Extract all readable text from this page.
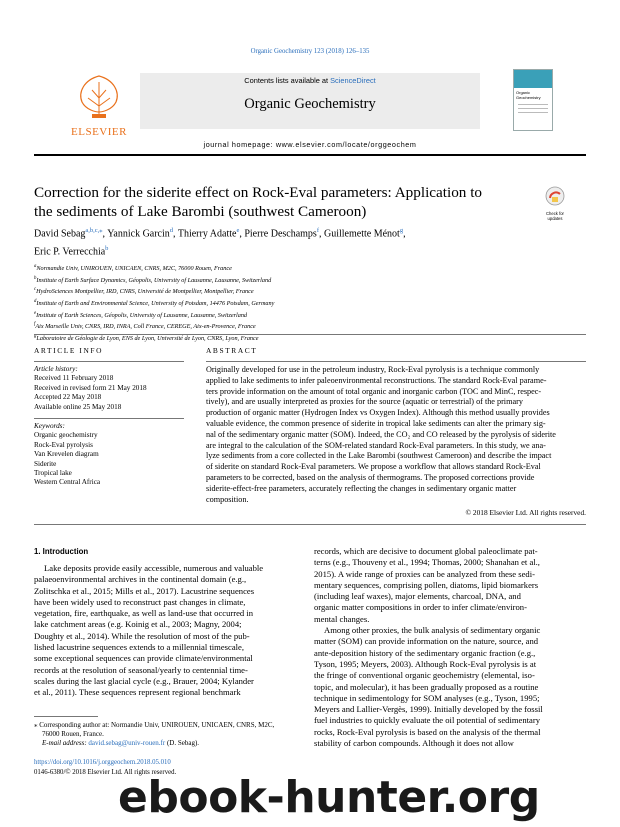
Organic Geochemistry 123 (2018) 126–135
ELSEVIER
Contents lists available at ScienceDirect
Organic Geochemistry
journal homepage: www.elsevier.com/locate/orggeochem
Organic Geochemistry
Correction for the siderite effect on Rock-Eval parameters: Application to
the sediments of Lake Barombi (southwest Cameroon)	Check for updates
David Sebag$^{a,b,c,⁎}$, Yannick Garcin$^d$, Thierry Adatte$^e$, Pierre Deschamps$^f$, Guillemette Ménot$^g$,
Eric P. Verrecchia$^b$
$^a$Normandie Univ, UNIROUEN, UNICAEN, CNRS, M2C, 76000 Rouen, France
$^b$Institute of Earth Surface Dynamics, Géopolis, University of Lausanne, Lausanne, Switzerland
$^c$HydroSciences Montpellier, IRD, CNRS, Université de Montpellier, Montpellier, France
$^d$Institute of Earth and Environmental Science, University of Potsdam, 14476 Potsdam, Germany
$^e$Institute of Earth Sciences, Géopolis, University of Lausanne, Lausanne, Switzerland
$^f$Aix Marseille Univ, CNRS, IRD, INRA, Coll France, CEREGE, Aix-en-Provence, France
$^g$Laboratoire de Géologie de Lyon, ENS de Lyon, Université de Lyon, CNRS, Lyon, France
ARTICLE INFO
Article history:
Received 11 February 2018
Received in revised form 21 May 2018
Accepted 22 May 2018
Available online 25 May 2018
Keywords:
Organic geochemistry
Rock-Eval pyrolysis
Van Krevelen diagram
Siderite
Tropical lake
Western Central Africa
ABSTRACT
Originally developed for use in the petroleum industry, Rock-Eval pyrolysis is a technique commonly
applied to lake sediments to infer paleoenvironmental reconstructions. The standard Rock-Eval parame-
ters provide information on the amount of total organic and inorganic carbon (TOC and MinC, respec-
tively), and are usually interpreted as proxies for the source (aquatic or terrestrial) of the primary
production of organic matter (Hydrogen Index vs Oxygen Index). Although this method usually provides
valuable evidence, the common presence of siderite in tropical lake sediments can alter the primary sig-
nal of the sedimentary organic matter (SOM). Indeed, the CO₂ and CO released by the pyrolysis of siderite
are integral to the calculation of the SOM-related standard Rock-Eval parameters. In this study, we ana-
lyze sediments from a core collected in the Lake Barombi (southwest Cameroon) and describe the impact
of siderite on standard Rock-Eval parameters. We propose a workflow that allows standard Rock-Eval
parameters to be corrected, based on the analysis of thermograms. The proposed corrections provide
siderite-effect-free parameters, accurately reflecting the changes in sedimentary organic matter
composition.
© 2018 Elsevier Ltd. All rights reserved.
1. Introduction
Lake deposits provide easily accessible, numerous and valuable
palaeoenvironmental archives in the continental domain (e.g.,
Zolitschka et al., 2015; Mills et al., 2017). Lacustrine sequences
have been widely used to reconstruct past changes in climate,
vegetation, fire, earthquake, as well as land-use that occurred in
lake catchment areas (e.g. Koinig et al., 2003; Magny, 2004;
Doughty et al., 2014). While the resolution of most of the pub-
lished lacustrine sequences extends to a millennial timescale,
some exceptional sequences can provide climate/environmental
records at the resolution of seasonal/yearly to centennial time-
scales during the last glacial cycle (e.g., Brauer, 2004; Kylander
et al., 2011). These sequences represent regional benchmark
records, which are decisive to document global paleoclimate pat-
terns (e.g., Thouveny et al., 1994; Thomas, 2000; Shanahan et al.,
2015). A wide range of proxies can be analyzed from these sedi-
mentary sequences, comprising pollen, diatoms, lipid biomarkers
(including leaf waxes), major elements, charcoal, DNA, and
organic matter compositions in order to infer climate/environ-
mental changes.
Among other proxies, the bulk analysis of sedimentary organic
matter (SOM) can provide information on the nature, source, and
ante-deposition history of the sedimentary organic fraction (e.g.,
Tyson, 1995; Meyers, 2003). Although Rock-Eval pyrolysis is at
the fringe of conventional organic geochemistry (elemental, iso-
topic, and molecular), it has been gradually proposed as a routine
technique in sedimentology for SOM analyses (e.g., Tyson, 1995;
Meyers and Lallier-Vergès, 1999). Initially developed by the fossil
fuel industries to quickly evaluate the oil potential of sedimentary
rocks, Rock-Eval pyrolysis is based on the analysis of the thermal
stability of carbon compounds. Although it does not allow
⁎ Corresponding author at: Normandie Univ, UNIROUEN, UNICAEN, CNRS, M2C,
76000 Rouen, France.
E-mail address: david.sebag@univ-rouen.fr (D. Sebag).
https://doi.org/10.1016/j.orggeochem.2018.05.010
0146-6380/© 2018 Elsevier Ltd. All rights reserved.
ebook-hunter.org
